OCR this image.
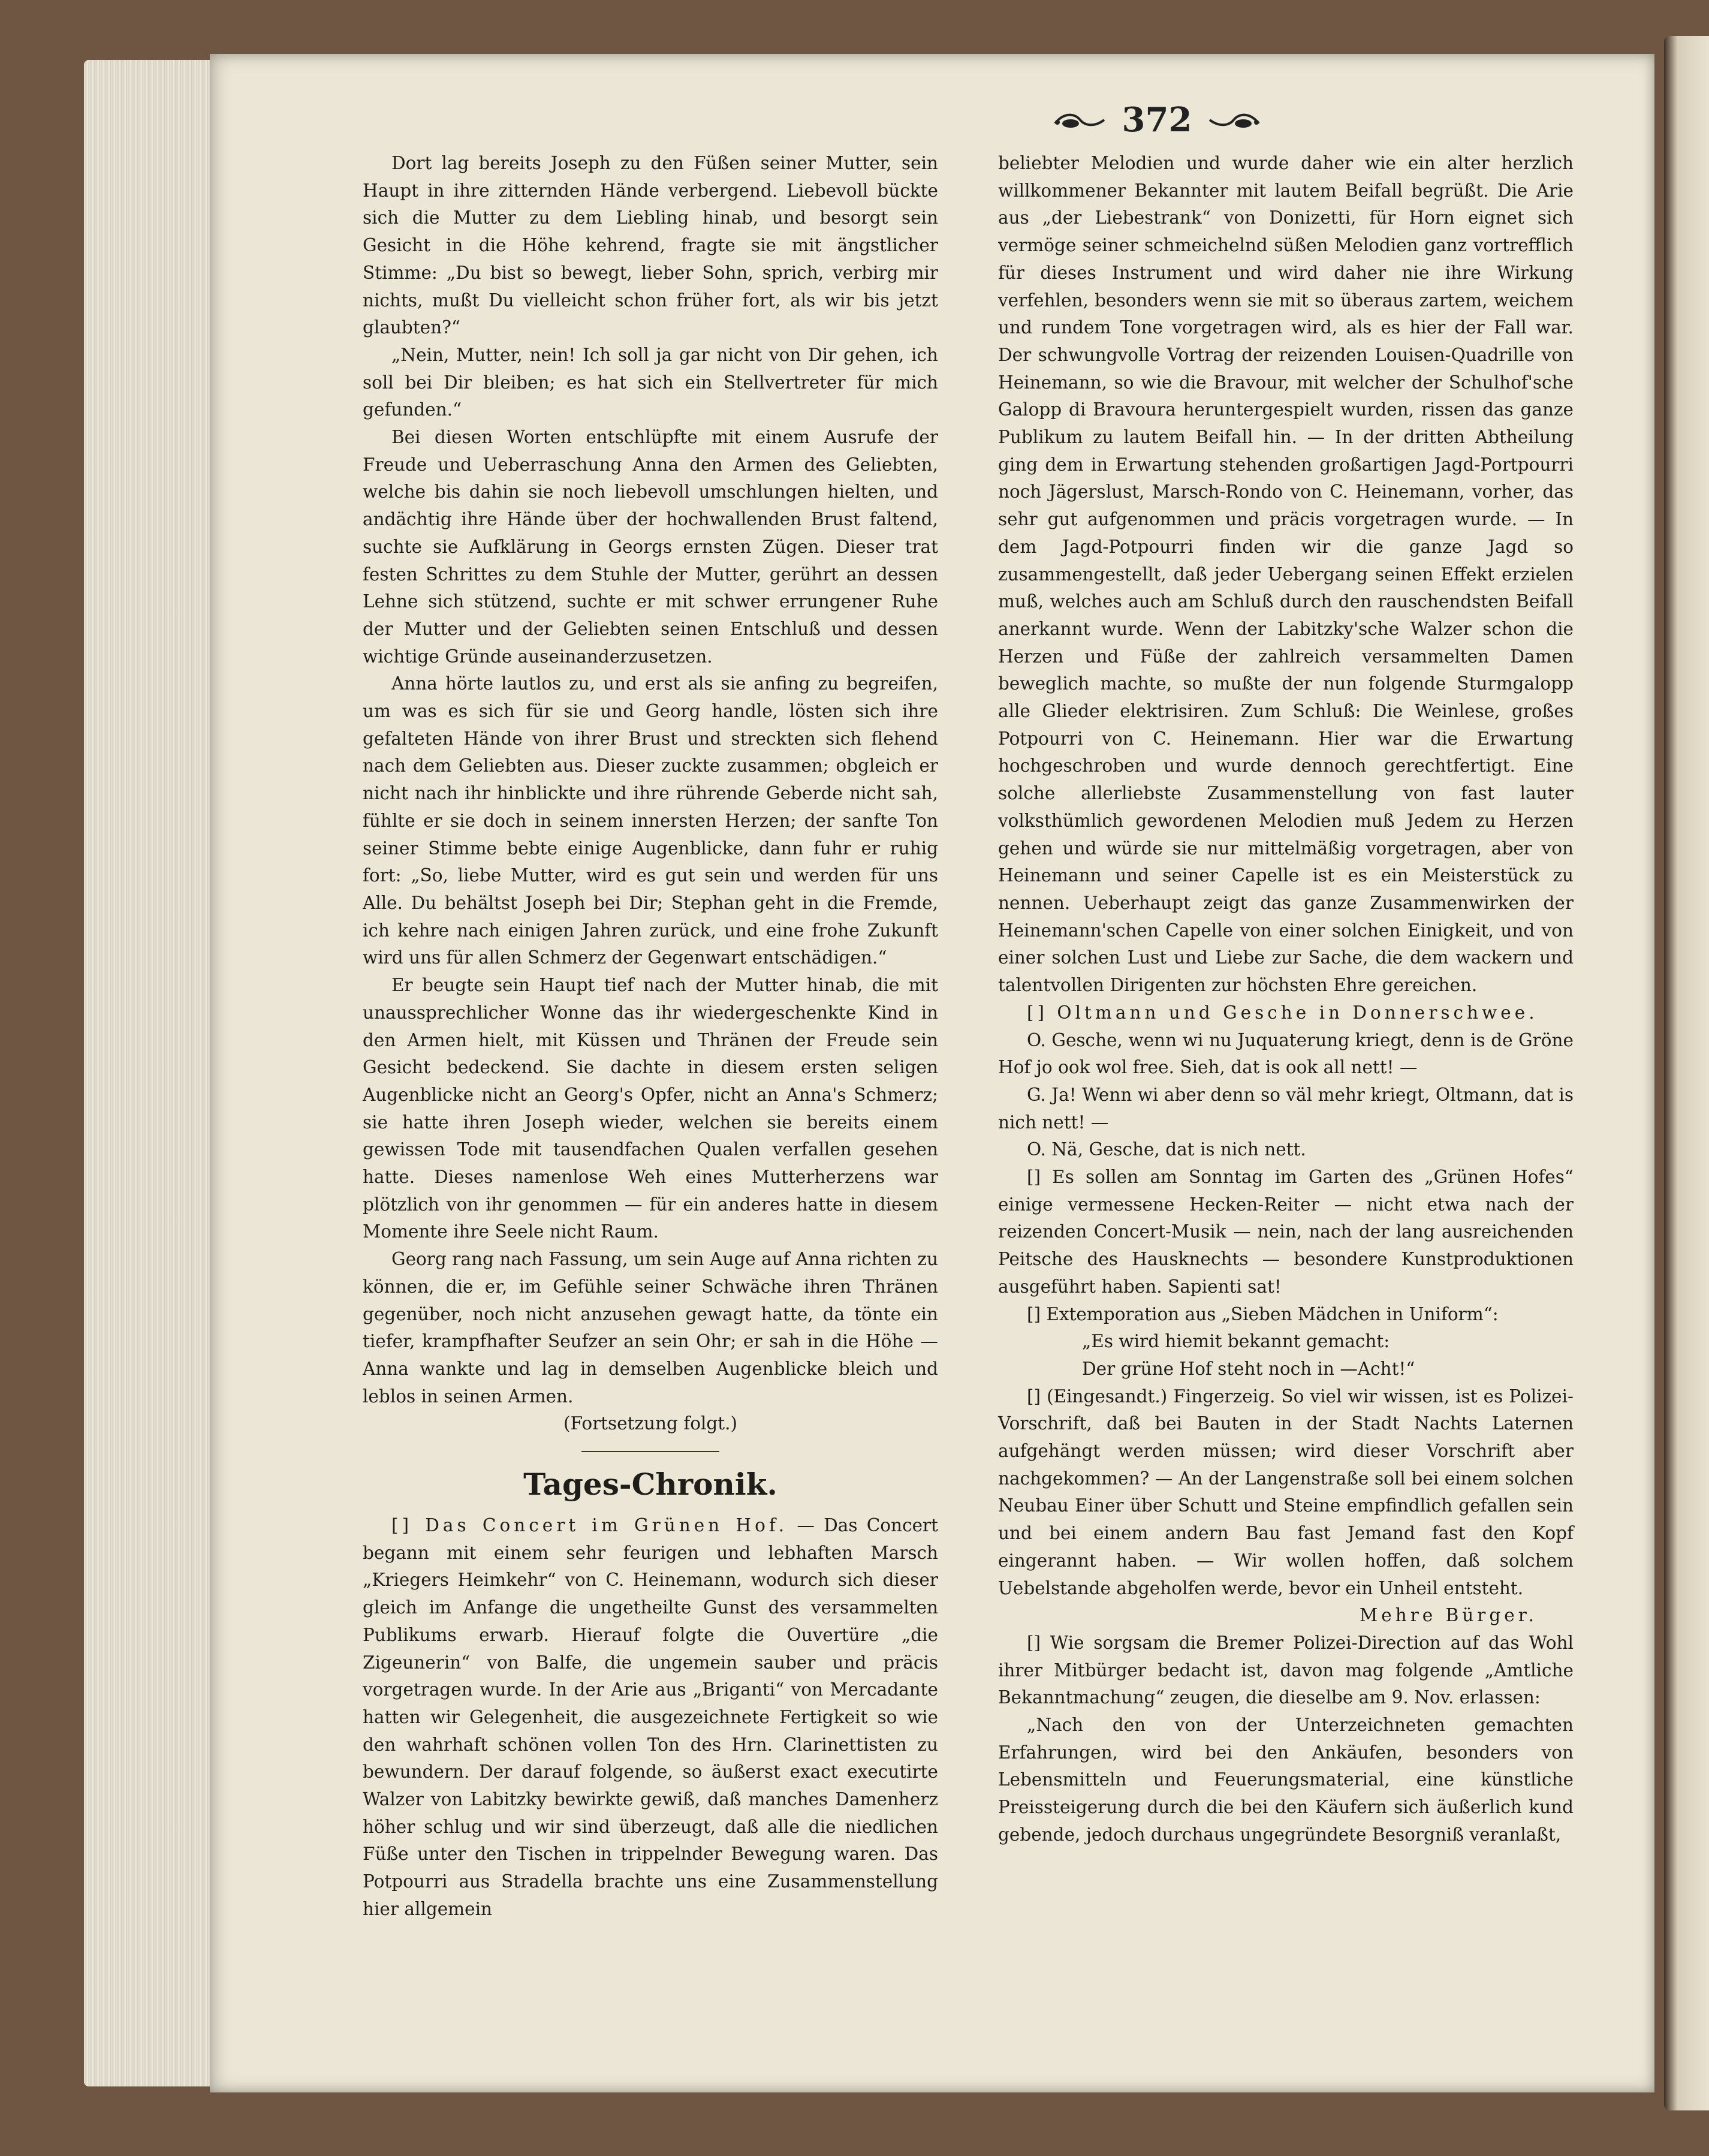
372

Dort lag bereits Joseph zu den Füßen seiner Mutter, sein Haupt in ihre zitternden Hände verbergend. Liebevoll bückte sich die Mutter zu dem Liebling hinab, und besorgt sein Gesicht in die Höhe kehrend, fragte sie mit ängstlicher Stimme: „Du bist so bewegt, lieber Sohn, sprich, verbirg mir nichts, mußt Du vielleicht schon früher fort, als wir bis jetzt glaubten?“

„Nein, Mutter, nein! Ich soll ja gar nicht von Dir gehen, ich soll bei Dir bleiben; es hat sich ein Stellvertreter für mich gefunden.“

Bei diesen Worten entschlüpfte mit einem Ausrufe der Freude und Ueberraschung Anna den Armen des Geliebten, welche bis dahin sie noch liebevoll umschlungen hielten, und andächtig ihre Hände über der hochwallenden Brust faltend, suchte sie Aufklärung in Georgs ernsten Zügen. Dieser trat festen Schrittes zu dem Stuhle der Mutter, gerührt an dessen Lehne sich stützend, suchte er mit schwer errungener Ruhe der Mutter und der Geliebten seinen Entschluß und dessen wichtige Gründe auseinanderzusetzen.

Anna hörte lautlos zu, und erst als sie anfing zu begreifen, um was es sich für sie und Georg handle, lösten sich ihre gefalteten Hände von ihrer Brust und streckten sich flehend nach dem Geliebten aus. Dieser zuckte zusammen; obgleich er nicht nach ihr hinblickte und ihre rührende Geberde nicht sah, fühlte er sie doch in seinem innersten Herzen; der sanfte Ton seiner Stimme bebte einige Augenblicke, dann fuhr er ruhig fort: „So, liebe Mutter, wird es gut sein und werden für uns Alle. Du behältst Joseph bei Dir; Stephan geht in die Fremde, ich kehre nach einigen Jahren zurück, und eine frohe Zukunft wird uns für allen Schmerz der Gegenwart entschädigen.“

Er beugte sein Haupt tief nach der Mutter hinab, die mit unaussprechlicher Wonne das ihr wiedergeschenkte Kind in den Armen hielt, mit Küssen und Thränen der Freude sein Gesicht bedeckend. Sie dachte in diesem ersten seligen Augenblicke nicht an Georg's Opfer, nicht an Anna's Schmerz; sie hatte ihren Joseph wieder, welchen sie bereits einem gewissen Tode mit tausendfachen Qualen verfallen gesehen hatte. Dieses namenlose Weh eines Mutterherzens war plötzlich von ihr genommen — für ein anderes hatte in diesem Momente ihre Seele nicht Raum.

Georg rang nach Fassung, um sein Auge auf Anna richten zu können, die er, im Gefühle seiner Schwäche ihren Thränen gegenüber, noch nicht anzusehen gewagt hatte, da tönte ein tiefer, krampfhafter Seufzer an sein Ohr; er sah in die Höhe — Anna wankte und lag in demselben Augenblicke bleich und leblos in seinen Armen.

(Fortsetzung folgt.)

Tages-Chronik.

[] Das Concert im Grünen Hof. — Das Concert begann mit einem sehr feurigen und lebhaften Marsch „Kriegers Heimkehr“ von C. Heinemann, wodurch sich dieser gleich im Anfange die ungetheilte Gunst des versammelten Publikums erwarb. Hierauf folgte die Ouvertüre „die Zigeunerin“ von Balfe, die ungemein sauber und präcis vorgetragen wurde. In der Arie aus „Briganti“ von Mercadante hatten wir Gelegenheit, die ausgezeichnete Fertigkeit so wie den wahrhaft schönen vollen Ton des Hrn. Clarinettisten zu bewundern. Der darauf folgende, so äußerst exact executirte Walzer von Labitzky bewirkte gewiß, daß manches Damenherz höher schlug und wir sind überzeugt, daß alle die niedlichen Füße unter den Tischen in trippelnder Bewegung waren. Das Potpourri aus Stradella brachte uns eine Zusammenstellung hier allgemein

beliebter Melodien und wurde daher wie ein alter herzlich willkommener Bekannter mit lautem Beifall begrüßt. Die Arie aus „der Liebestrank“ von Donizetti, für Horn eignet sich vermöge seiner schmeichelnd süßen Melodien ganz vortrefflich für dieses Instrument und wird daher nie ihre Wirkung verfehlen, besonders wenn sie mit so überaus zartem, weichem und rundem Tone vorgetragen wird, als es hier der Fall war. Der schwungvolle Vortrag der reizenden Louisen-Quadrille von Heinemann, so wie die Bravour, mit welcher der Schulhof'sche Galopp di Bravoura heruntergespielt wurden, rissen das ganze Publikum zu lautem Beifall hin. — In der dritten Abtheilung ging dem in Erwartung stehenden großartigen Jagd-Portpourri noch Jägerslust, Marsch-Rondo von C. Heinemann, vorher, das sehr gut aufgenommen und präcis vorgetragen wurde. — In dem Jagd-Potpourri finden wir die ganze Jagd so zusammengestellt, daß jeder Uebergang seinen Effekt erzielen muß, welches auch am Schluß durch den rauschendsten Beifall anerkannt wurde. Wenn der Labitzky'sche Walzer schon die Herzen und Füße der zahlreich versammelten Damen beweglich machte, so mußte der nun folgende Sturmgalopp alle Glieder elektrisiren. Zum Schluß: Die Weinlese, großes Potpourri von C. Heinemann. Hier war die Erwartung hochgeschroben und wurde dennoch gerechtfertigt. Eine solche allerliebste Zusammenstellung von fast lauter volksthümlich gewordenen Melodien muß Jedem zu Herzen gehen und würde sie nur mittelmäßig vorgetragen, aber von Heinemann und seiner Capelle ist es ein Meisterstück zu nennen. Ueberhaupt zeigt das ganze Zusammenwirken der Heinemann'schen Capelle von einer solchen Einigkeit, und von einer solchen Lust und Liebe zur Sache, die dem wackern und talentvollen Dirigenten zur höchsten Ehre gereichen.

[] Oltmann und Gesche in Donnerschwee.

O. Gesche, wenn wi nu Juquaterung kriegt, denn is de Gröne Hof jo ook wol free. Sieh, dat is ook all nett! —

G. Ja! Wenn wi aber denn so väl mehr kriegt, Oltmann, dat is nich nett! —

O. Nä, Gesche, dat is nich nett.

[] Es sollen am Sonntag im Garten des „Grünen Hofes“ einige vermessene Hecken-Reiter — nicht etwa nach der reizenden Concert-Musik — nein, nach der lang ausreichenden Peitsche des Hausknechts — besondere Kunstproduktionen ausgeführt haben. Sapienti sat!

[] Extemporation aus „Sieben Mädchen in Uniform“:

„Es wird hiemit bekannt gemacht:

Der grüne Hof steht noch in —Acht!“

[] (Eingesandt.) Fingerzeig. So viel wir wissen, ist es Polizei-Vorschrift, daß bei Bauten in der Stadt Nachts Laternen aufgehängt werden müssen; wird dieser Vorschrift aber nachgekommen? — An der Langenstraße soll bei einem solchen Neubau Einer über Schutt und Steine empfindlich gefallen sein und bei einem andern Bau fast Jemand fast den Kopf eingerannt haben. — Wir wollen hoffen, daß solchem Uebelstande abgeholfen werde, bevor ein Unheil entsteht.

Mehre Bürger.

[] Wie sorgsam die Bremer Polizei-Direction auf das Wohl ihrer Mitbürger bedacht ist, davon mag folgende „Amtliche Bekanntmachung“ zeugen, die dieselbe am 9. Nov. erlassen:

„Nach den von der Unterzeichneten gemachten Erfahrungen, wird bei den Ankäufen, besonders von Lebensmitteln und Feuerungsmaterial, eine künstliche Preissteigerung durch die bei den Käufern sich äußerlich kund gebende, jedoch durchaus ungegründete Besorgniß veranlaßt,
